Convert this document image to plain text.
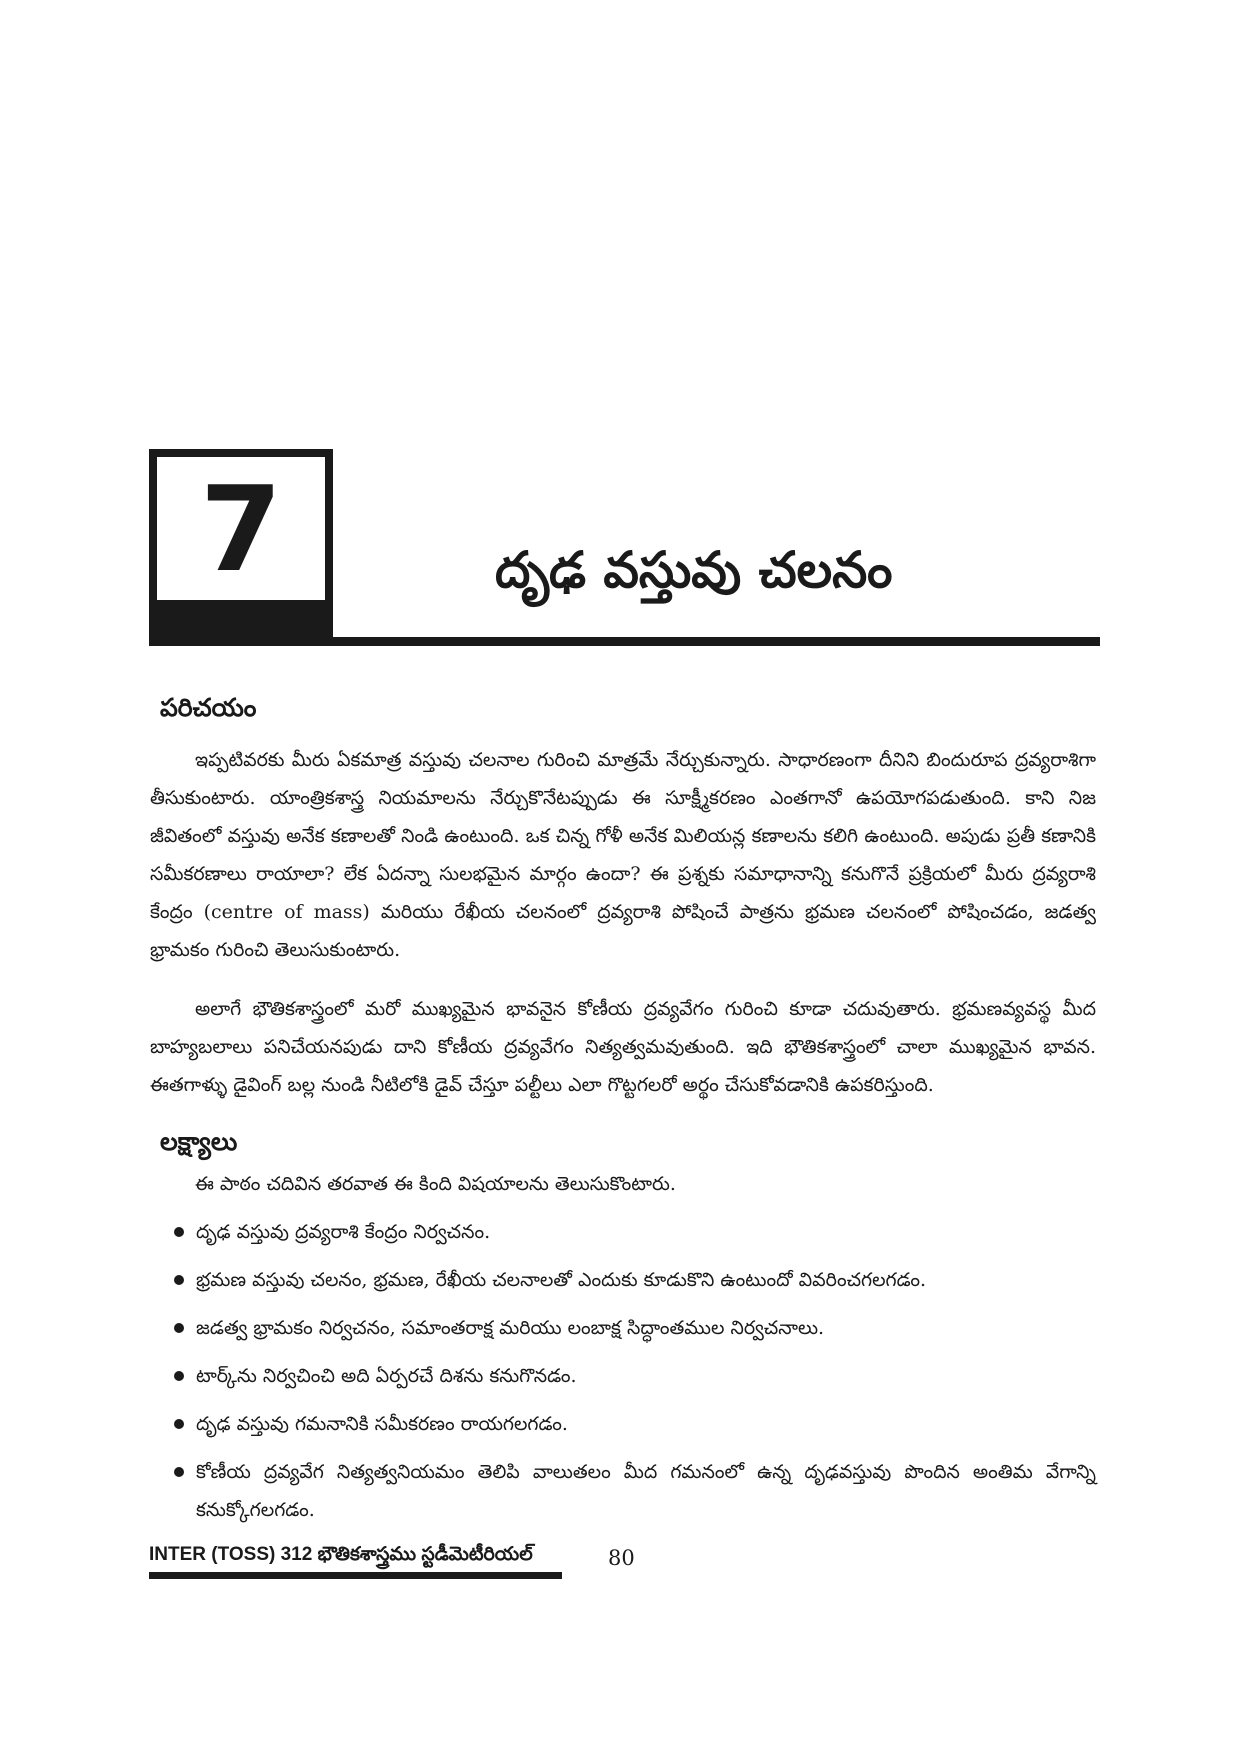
7	దృఢ వస్తువు చలనం
పరిచయం

ఇప్పటివరకు మీరు ఏకమాత్ర వస్తువు చలనాల గురించి మాత్రమే నేర్చుకున్నారు. సాధారణంగా దీనిని బిందురూప ద్రవ్యరాశిగా తీసుకుంటారు. యాంత్రికశాస్త్ర నియమాలను నేర్చుకొనేటప్పుడు ఈ సూక్ష్మీకరణం ఎంతగానో ఉపయోగపడుతుంది. కాని నిజ జీవితంలో వస్తువు అనేక కణాలతో నిండి ఉంటుంది. ఒక చిన్న గోళీ అనేక మిలియన్ల కణాలను కలిగి ఉంటుంది. అపుడు ప్రతీ కణానికి సమీకరణాలు రాయాలా? లేక ఏదన్నా సులభమైన మార్గం ఉందా? ఈ ప్రశ్నకు సమాధానాన్ని కనుగొనే ప్రక్రియలో మీరు ద్రవ్యరాశి కేంద్రం (centre of mass) మరియు రేఖీయ చలనంలో ద్రవ్యరాశి పోషించే పాత్రను భ్రమణ చలనంలో పోషించడం, జడత్వ భ్రామకం గురించి తెలుసుకుంటారు.

అలాగే భౌతికశాస్త్రంలో మరో ముఖ్యమైన భావనైన కోణీయ ద్రవ్యవేగం గురించి కూడా చదువుతారు. భ్రమణవ్యవస్థ మీద బాహ్యబలాలు పనిచేయనపుడు దాని కోణీయ ద్రవ్యవేగం నిత్యత్వమవుతుంది. ఇది భౌతికశాస్త్రంలో చాలా ముఖ్యమైన భావన. ఈతగాళ్ళు డైవింగ్ బల్ల నుండి నీటిలోకి డైవ్ చేస్తూ పల్టీలు ఎలా గొట్టగలరో అర్థం చేసుకోవడానికి ఉపకరిస్తుంది.

లక్ష్యాలు

ఈ పాఠం చదివిన తరవాత ఈ కింది విషయాలను తెలుసుకొంటారు.

దృఢ వస్తువు ద్రవ్యరాశి కేంద్రం నిర్వచనం.
భ్రమణ వస్తువు చలనం, భ్రమణ, రేఖీయ చలనాలతో ఎందుకు కూడుకొని ఉంటుందో వివరించగలగడం.
జడత్వ భ్రామకం నిర్వచనం, సమాంతరాక్ష మరియు లంబాక్ష సిద్ధాంతముల నిర్వచనాలు.
టార్క్‌ను నిర్వచించి అది ఏర్పరచే దిశను కనుగొనడం.
దృఢ వస్తువు గమనానికి సమీకరణం రాయగలగడం.
కోణీయ ద్రవ్యవేగ నిత్యత్వనియమం తెలిపి వాలుతలం మీద గమనంలో ఉన్న దృఢవస్తువు పొందిన అంతిమ వేగాన్ని కనుక్కోగలగడం.
INTER (TOSS) 312 భౌతికశాస్త్రము స్టడీమెటీరియల్	80
